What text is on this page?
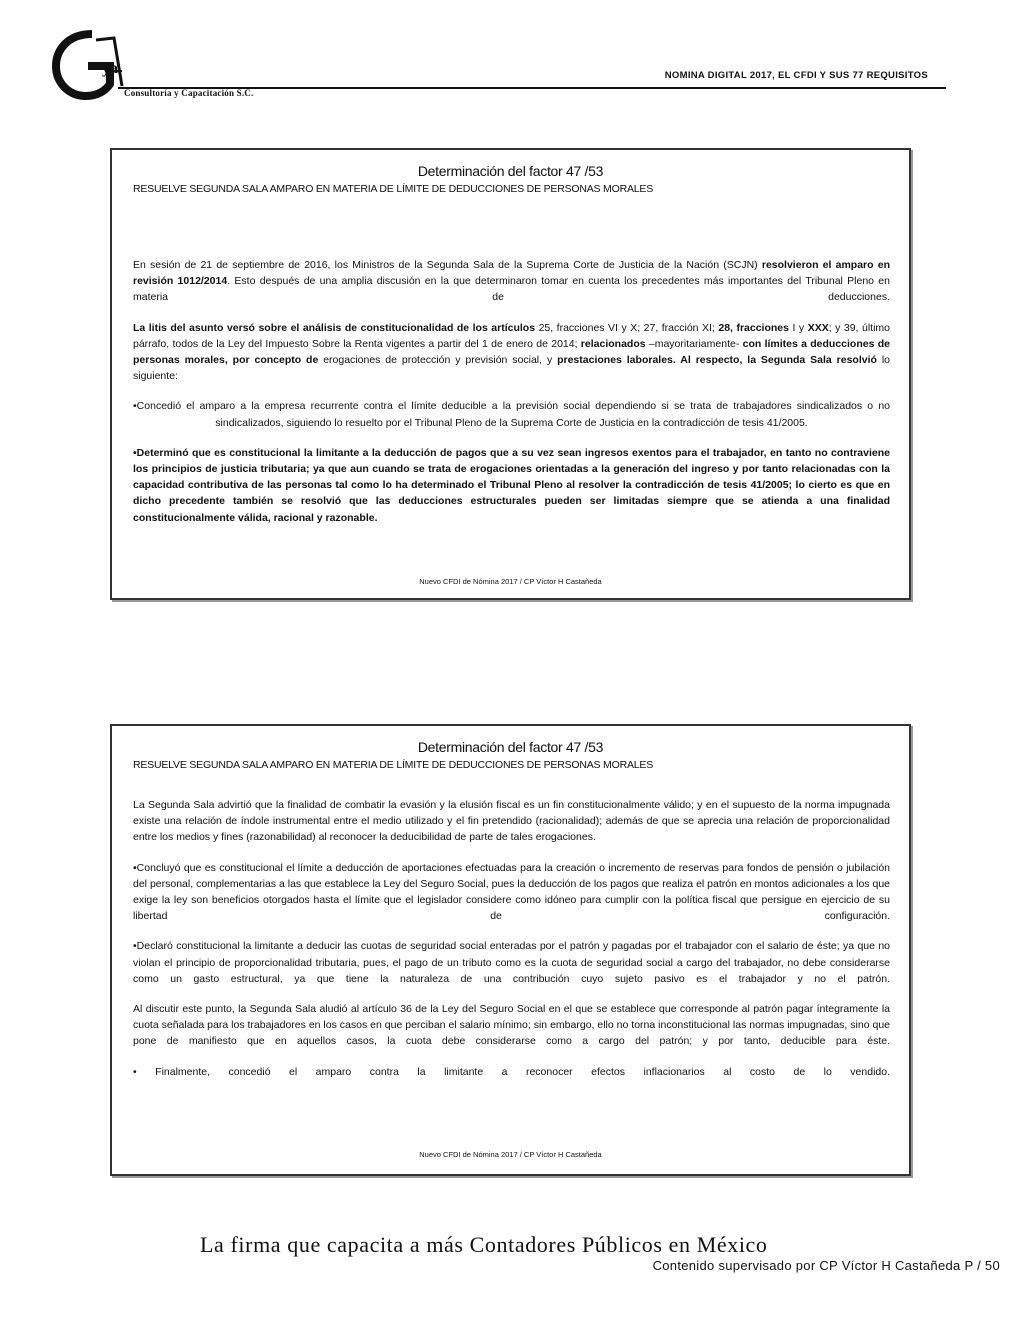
ya
Consultoría y Capacitación S.C.
NOMINA DIGITAL 2017, EL CFDI Y SUS 77 REQUISITOS
Determinación del factor 47 /53
RESUELVE SEGUNDA SALA AMPARO EN MATERIA DE LÍMITE DE DEDUCCIONES DE PERSONAS MORALES

En sesión de 21 de septiembre de 2016, los Ministros de la Segunda Sala de la Suprema Corte de Justicia de la Nación (SCJN) resolvieron el amparo en revisión 1012/2014. Esto después de una amplia discusión en la que determinaron tomar en cuenta los precedentes más importantes del Tribunal Pleno en materia de deducciones.

La litis del asunto versó sobre el análisis de constitucionalidad de los artículos 25, fracciones VI y X; 27, fracción XI; 28, fracciones I y XXX; y 39, último párrafo, todos de la Ley del Impuesto Sobre la Renta vigentes a partir del 1 de enero de 2014; relacionados –mayoritariamente- con límites a deducciones de personas morales, por concepto de erogaciones de protección y previsión social, y prestaciones laborales. Al respecto, la Segunda Sala resolvió lo siguiente:

•Concedió el amparo a la empresa recurrente contra el límite deducible a la previsión social dependiendo si se trata de trabajadores sindicalizados o no sindicalizados, siguiendo lo resuelto por el Tribunal Pleno de la Suprema Corte de Justicia en la contradicción de tesis 41/2005.

•Determinó que es constitucional la limitante a la deducción de pagos que a su vez sean ingresos exentos para el trabajador, en tanto no contraviene los principios de justicia tributaria; ya que aun cuando se trata de erogaciones orientadas a la generación del ingreso y por tanto relacionadas con la capacidad contributiva de las personas tal como lo ha determinado el Tribunal Pleno al resolver la contradicción de tesis 41/2005; lo cierto es que en dicho precedente también se resolvió que las deducciones estructurales pueden ser limitadas siempre que se atienda a una finalidad constitucionalmente válida, racional y razonable.

Nuevo CFDI de Nómina 2017 / CP Víctor H Castañeda
Determinación del factor 47 /53
RESUELVE SEGUNDA SALA AMPARO EN MATERIA DE LÍMITE DE DEDUCCIONES DE PERSONAS MORALES

La Segunda Sala advirtió que la finalidad de combatir la evasión y la elusión fiscal es un fin constitucionalmente válido; y en el supuesto de la norma impugnada existe una relación de índole instrumental entre el medio utilizado y el fin pretendido (racionalidad); además de que se aprecia una relación de proporcionalidad entre los medios y fines (razonabilidad) al reconocer la deducibilidad de parte de tales erogaciones.

•Concluyó que es constitucional el límite a deducción de aportaciones efectuadas para la creación o incremento de reservas para fondos de pensión o jubilación del personal, complementarias a las que establece la Ley del Seguro Social, pues la deducción de los pagos que realiza el patrón en montos adicionales a los que exige la ley son beneficios otorgados hasta el límite que el legislador considere como idóneo para cumplir con la política fiscal que persigue en ejercicio de su libertad de configuración.

•Declaró constitucional la limitante a deducir las cuotas de seguridad social enteradas por el patrón y pagadas por el trabajador con el salario de éste; ya que no violan el principio de proporcionalidad tributaria, pues, el pago de un tributo como es la cuota de seguridad social a cargo del trabajador, no debe considerarse como un gasto estructural, ya que tiene la naturaleza de una contribución cuyo sujeto pasivo es el trabajador y no el patrón.

Al discutir este punto, la Segunda Sala aludió al artículo 36 de la Ley del Seguro Social en el que se establece que corresponde al patrón pagar íntegramente la cuota señalada para los trabajadores en los casos en que perciban el salario mínimo; sin embargo, ello no torna inconstitucional las normas impugnadas, sino que pone de manifiesto que en aquellos casos, la cuota debe considerarse como a cargo del patrón; y por tanto, deducible para éste.

• Finalmente, concedió el amparo contra la limitante a reconocer efectos inflacionarios al costo de lo vendido.

Nuevo CFDI de Nómina 2017 / CP Víctor H Castañeda
La firma que capacita a más Contadores Públicos en México
Contenido supervisado por CP Víctor H Castañeda P / 50
